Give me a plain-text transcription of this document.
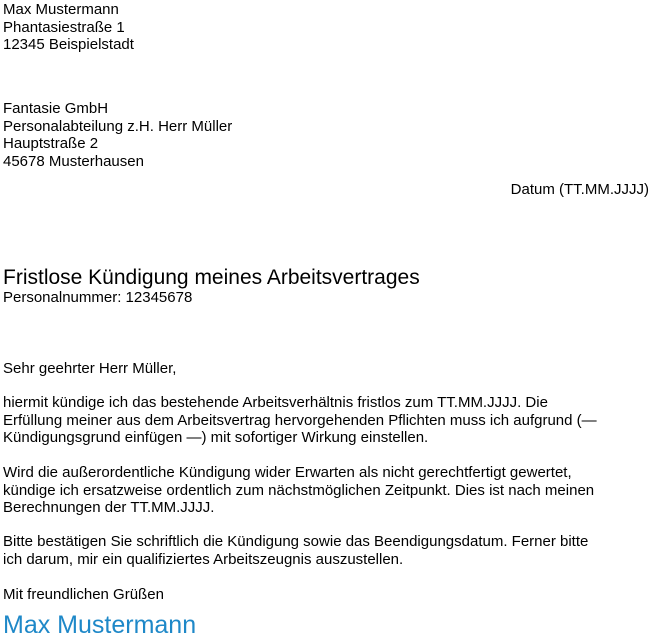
Max Mustermann
Phantasiestraße 1
12345 Beispielstadt
Fantasie GmbH
Personalabteilung z.H. Herr Müller
Hauptstraße 2
45678 Musterhausen
Datum (TT.MM.JJJJ)
Fristlose Kündigung meines Arbeitsvertrages
Personalnummer: 12345678
Sehr geehrter Herr Müller,
hiermit kündige ich das bestehende Arbeitsverhältnis fristlos zum TT.MM.JJJJ. Die
Erfüllung meiner aus dem Arbeitsvertrag hervorgehenden Pflichten muss ich aufgrund (—
Kündigungsgrund einfügen —) mit sofortiger Wirkung einstellen.
Wird die außerordentliche Kündigung wider Erwarten als nicht gerechtfertigt gewertet,
kündige ich ersatzweise ordentlich zum nächstmöglichen Zeitpunkt. Dies ist nach meinen
Berechnungen der TT.MM.JJJJ.
Bitte bestätigen Sie schriftlich die Kündigung sowie das Beendigungsdatum. Ferner bitte
ich darum, mir ein qualifiziertes Arbeitszeugnis auszustellen.
Mit freundlichen Grüßen
Max Mustermann
